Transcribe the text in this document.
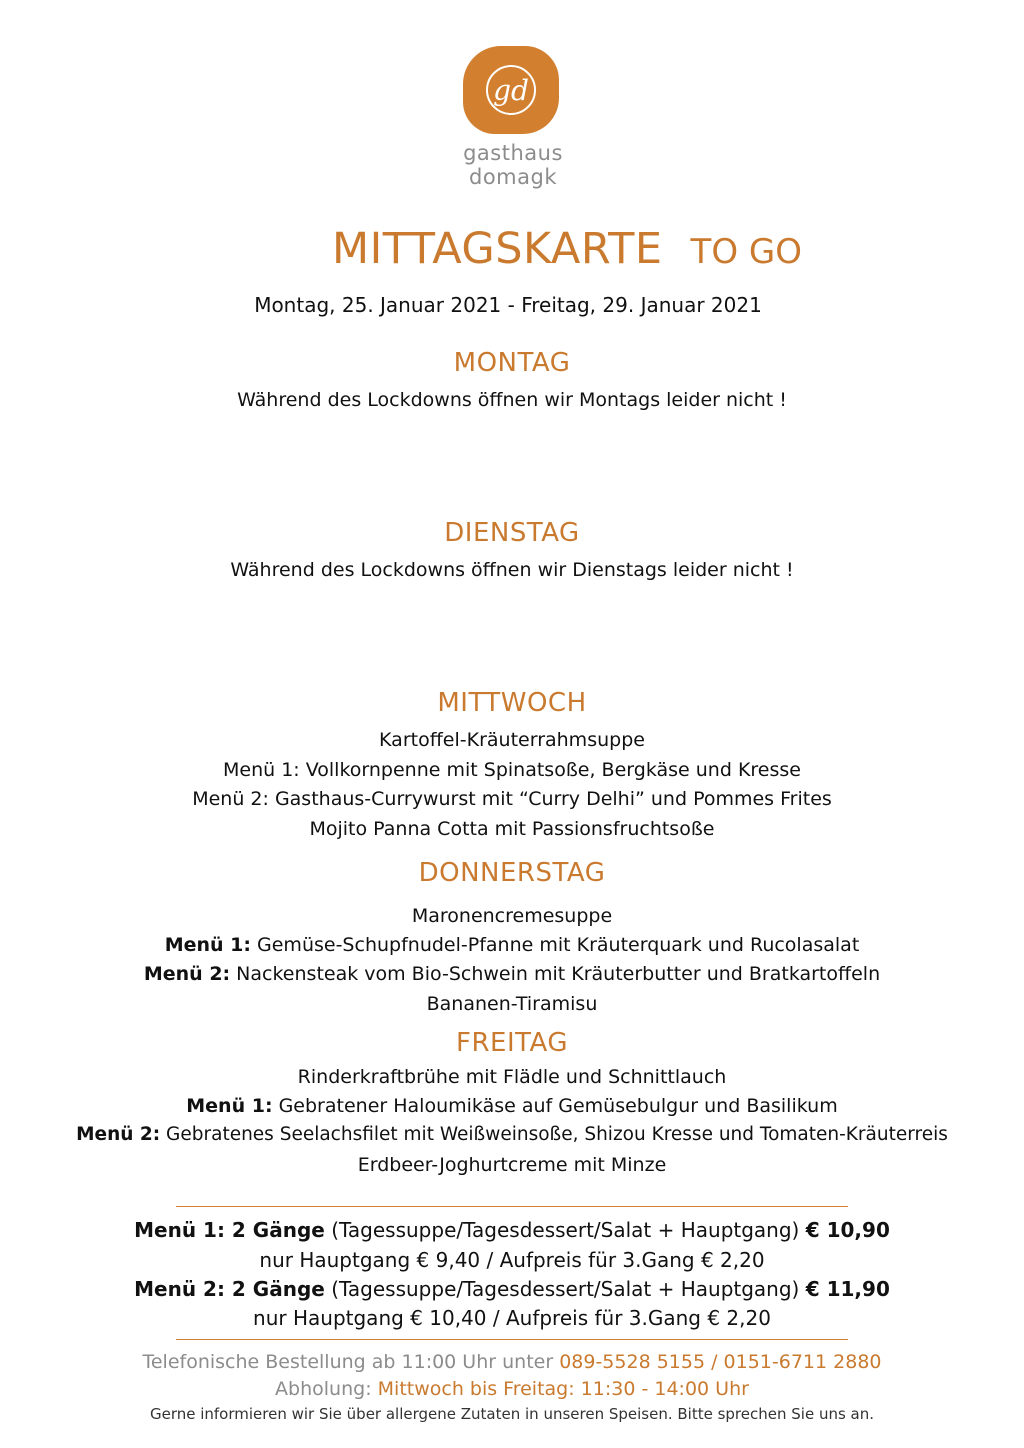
gd
gasthaus
domagk
MITTAGSKARTE TO GO
Montag, 25. Januar 2021 - Freitag, 29. Januar 2021
MONTAG
Während des Lockdowns öffnen wir Montags leider nicht !
DIENSTAG
Während des Lockdowns öffnen wir Dienstags leider nicht !
MITTWOCH
Kartoffel-Kräuterrahmsuppe
Menü 1: Vollkornpenne mit Spinatsoße, Bergkäse und Kresse
Menü 2: Gasthaus-Currywurst mit “Curry Delhi” und Pommes Frites
Mojito Panna Cotta mit Passionsfruchtsoße
DONNERSTAG
Maronencremesuppe
Menü 1: Gemüse-Schupfnudel-Pfanne mit Kräuterquark und Rucolasalat
Menü 2: Nackensteak vom Bio-Schwein mit Kräuterbutter und Bratkartoffeln
Bananen-Tiramisu
FREITAG
Rinderkraftbrühe mit Flädle und Schnittlauch
Menü 1: Gebratener Haloumikäse auf Gemüsebulgur und Basilikum
Menü 2: Gebratenes Seelachsfilet mit Weißweinsoße, Shizou Kresse und Tomaten-Kräuterreis
Erdbeer-Joghurtcreme mit Minze
Menü 1: 2 Gänge (Tagessuppe/Tagesdessert/Salat + Hauptgang) € 10,90
nur Hauptgang € 9,40 / Aufpreis für 3.Gang € 2,20
Menü 2: 2 Gänge (Tagessuppe/Tagesdessert/Salat + Hauptgang) € 11,90
nur Hauptgang € 10,40 / Aufpreis für 3.Gang € 2,20
Telefonische Bestellung ab 11:00 Uhr unter 089-5528 5155 / 0151-6711 2880
Abholung: Mittwoch bis Freitag: 11:30 - 14:00 Uhr
Gerne informieren wir Sie über allergene Zutaten in unseren Speisen. Bitte sprechen Sie uns an.
